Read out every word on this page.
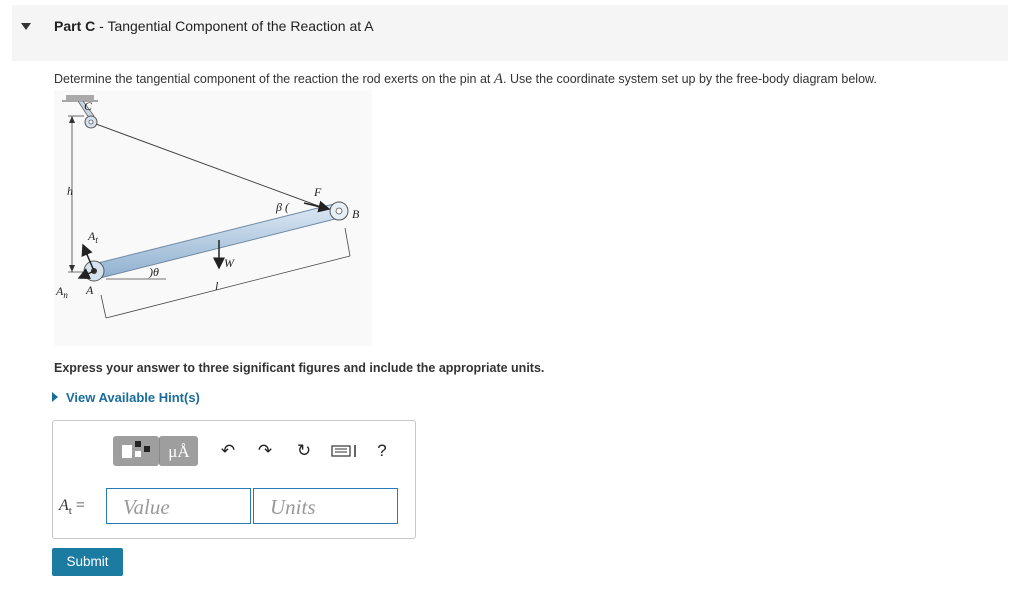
Part C - Tangential Component of the Reaction at A
Determine the tangential component of the reaction the rod exerts on the pin at A. Use the coordinate system set up by the free-body diagram below.
C
h	F
β (	B
$A_t$
W
)θ
$A_n$ A	l
Express your answer to three significant figures and include the appropriate units.
View Available Hint(s)
μÅ	↶ ↷ ↻	?
$A_t$ =	Value	Units
Submit
